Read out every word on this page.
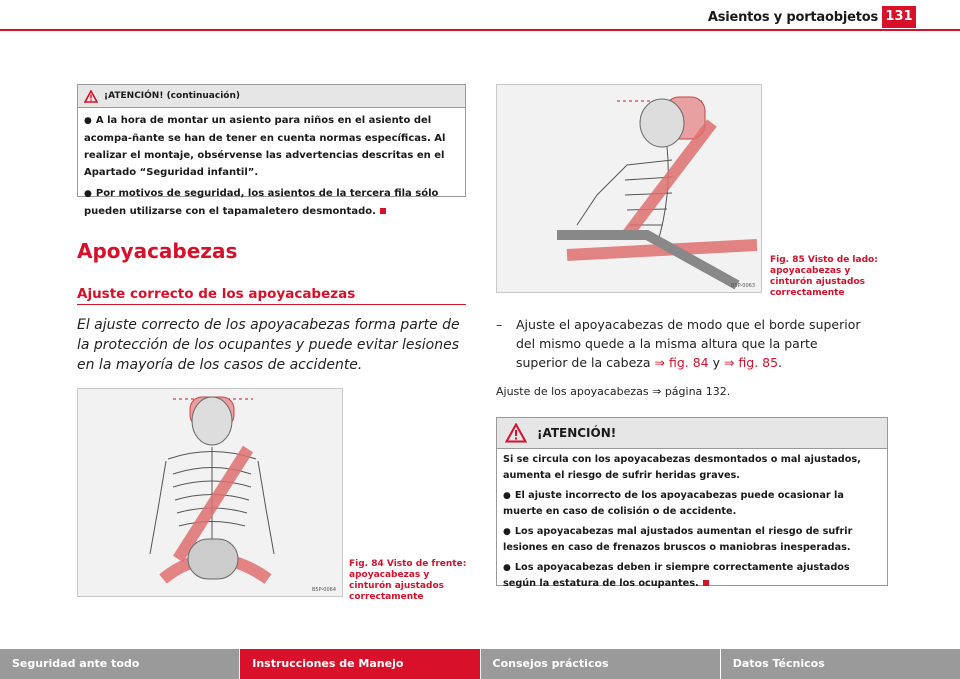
Asientos y portaobjetos 131
¡ATENCIÓN! (continuación)

● A la hora de montar un asiento para niños en el asiento del acompa-ñante se han de tener en cuenta normas específicas. Al realizar el montaje, obsérvense las advertencias descritas en el Apartado “Seguridad infantil”.

● Por motivos de seguridad, los asientos de la tercera fila sólo pueden utilizarse con el tapamaletero desmontado.

Apoyacabezas
Ajuste correcto de los apoyacabezas
El ajuste correcto de los apoyacabezas forma parte de la protección de los ocupantes y puede evitar lesiones en la mayoría de los casos de accidente.
B5P-0064
Fig. 84 Visto de frente: apoyacabezas y cinturón ajustados correctamente
B5P-0063
Fig. 85 Visto de lado: apoyacabezas y cinturón ajustados correctamente
– Ajuste el apoyacabezas de modo que el borde superior del mismo quede a la misma altura que la parte superior de la cabeza ⇒ fig. 84 y ⇒ fig. 85.
Ajuste de los apoyacabezas ⇒ página 132.
¡ATENCIÓN!

Si se circula con los apoyacabezas desmontados o mal ajustados, aumenta el riesgo de sufrir heridas graves.

● El ajuste incorrecto de los apoyacabezas puede ocasionar la muerte en caso de colisión o de accidente.

● Los apoyacabezas mal ajustados aumentan el riesgo de sufrir lesiones en caso de frenazos bruscos o maniobras inesperadas.

● Los apoyacabezas deben ir siempre correctamente ajustados según la estatura de los ocupantes.

Seguridad ante todo	Instrucciones de Manejo	Consejos prácticos	Datos Técnicos
